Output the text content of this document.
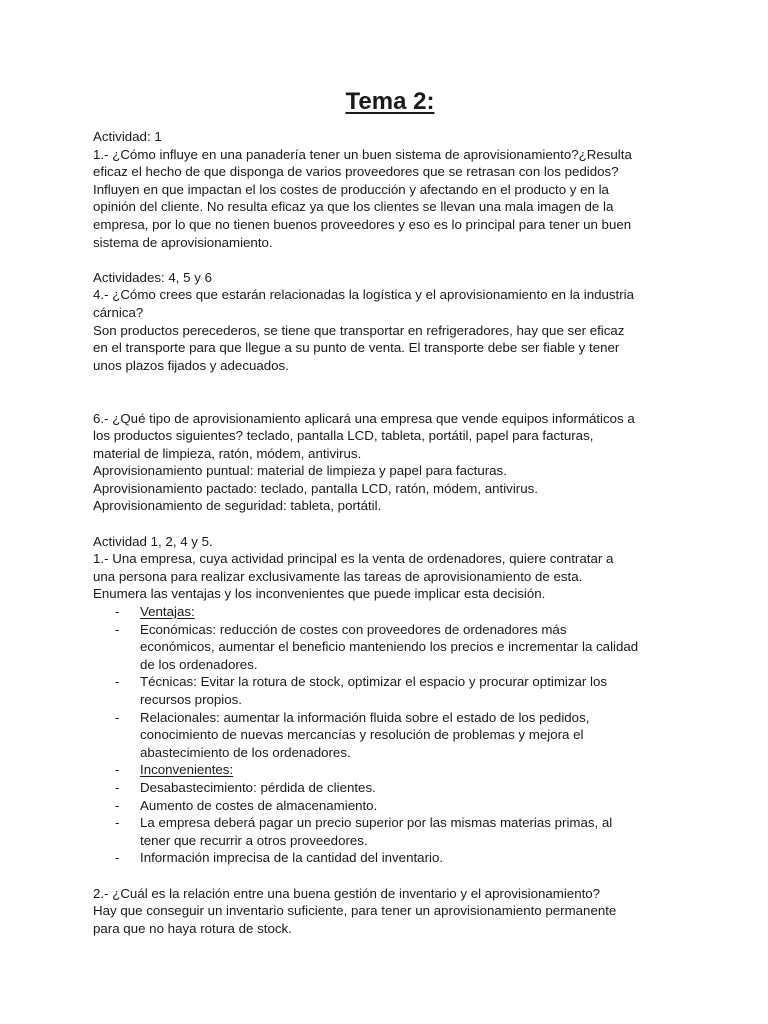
Tema 2:

Actividad: 1

1.- ¿Cómo influye en una panadería tener un buen sistema de aprovisionamiento?¿Resulta

eficaz el hecho de que disponga de varios proveedores que se retrasan con los pedidos?

Influyen en que impactan el los costes de producción y afectando en el producto y en la

opinión del cliente. No resulta eficaz ya que los clientes se llevan una mala imagen de la

empresa, por lo que no tienen buenos proveedores y eso es lo principal para tener un buen

sistema de aprovisionamiento.

Actividades: 4, 5 y 6

4.- ¿Cómo crees que estarán relacionadas la logística y el aprovisionamiento en la industria

cárnica?

Son productos perecederos, se tiene que transportar en refrigeradores, hay que ser eficaz

en el transporte para que llegue a su punto de venta. El transporte debe ser fiable y tener

unos plazos fijados y adecuados.

6.- ¿Qué tipo de aprovisionamiento aplicará una empresa que vende equipos informáticos a

los productos siguientes? teclado, pantalla LCD, tableta, portátil, papel para facturas,

material de limpieza, ratón, módem, antivirus.

Aprovisionamiento puntual: material de limpieza y papel para facturas.

Aprovisionamiento pactado: teclado, pantalla LCD, ratón, módem, antivirus.

Aprovisionamiento de seguridad: tableta, portátil.

Actividad 1, 2, 4 y 5.

1.- Una empresa, cuya actividad principal es la venta de ordenadores, quiere contratar a

una persona para realizar exclusivamente las tareas de aprovisionamiento de esta.

Enumera las ventajas y los inconvenientes que puede implicar esta decisión.

-	Ventajas:
-	Económicas: reducción de costes con proveedores de ordenadores más
económicos, aumentar el beneficio manteniendo los precios e incrementar la calidad
de los ordenadores.
-	Técnicas: Evitar la rotura de stock, optimizar el espacio y procurar optimizar los
recursos propios.
-	Relacionales: aumentar la información fluida sobre el estado de los pedidos,
conocimiento de nuevas mercancías y resolución de problemas y mejora el
abastecimiento de los ordenadores.
-	Inconvenientes:
-	Desabastecimiento: pérdida de clientes.
-	Aumento de costes de almacenamiento.
-	La empresa deberá pagar un precio superior por las mismas materias primas, al
tener que recurrir a otros proveedores.
-	Información imprecisa de la cantidad del inventario.

2.- ¿Cuál es la relación entre una buena gestión de inventario y el aprovisionamiento?

Hay que conseguir un inventario suficiente, para tener un aprovisionamiento permanente

para que no haya rotura de stock.
